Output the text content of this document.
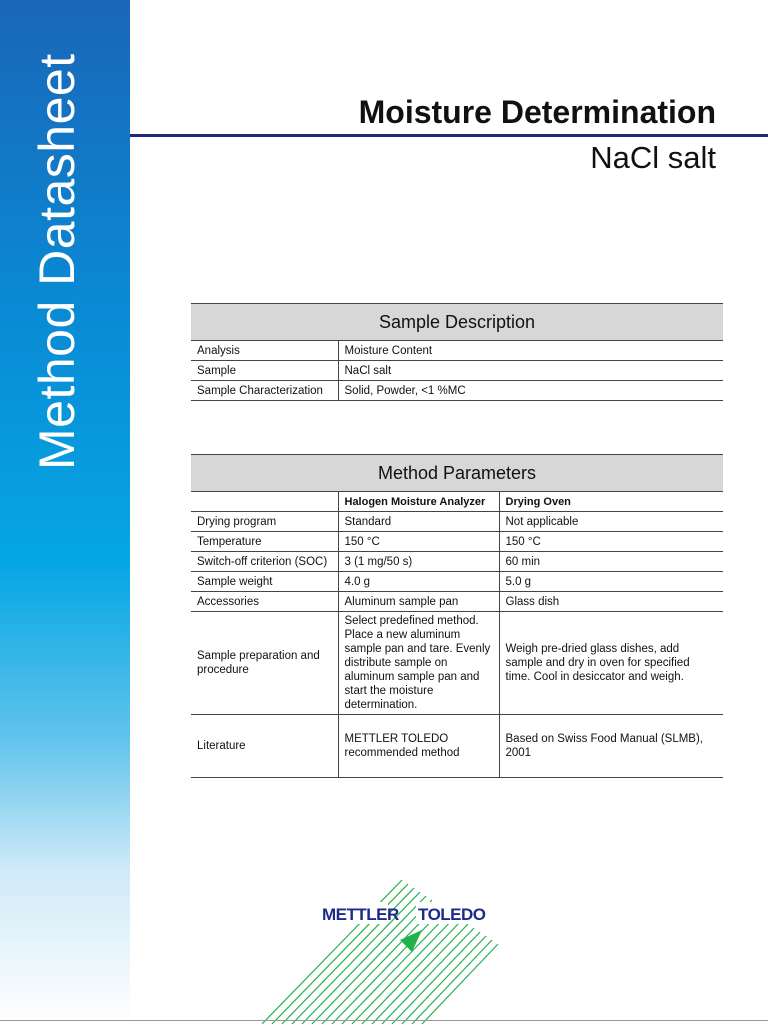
Method Datasheet	Moisture Determination
NaCl salt
Sample Description	
Analysis	Moisture Content
Sample	NaCl salt
Sample Characterization	Solid, Powder, <1 %MC
Method Parameters		
	Halogen Moisture Analyzer	Drying Oven
Drying program	Standard	Not applicable
Temperature	150 °C	150 °C
Switch-off criterion (SOC)	3 (1 mg/50 s)	60 min
Sample weight	4.0 g	5.0 g
Accessories	Aluminum sample pan	Glass dish
Sample preparation and procedure	Select predefined method. Place a new aluminum sample pan and tare. Evenly distribute sample on aluminum sample pan and start the moisture determination.	Weigh pre-dried glass dishes, add sample and dry in oven for specified time. Cool in desiccator and weigh.
Literature	METTLER TOLEDO recommended method	Based on Swiss Food Manual (SLMB), 2001
METTLER TOLEDO
